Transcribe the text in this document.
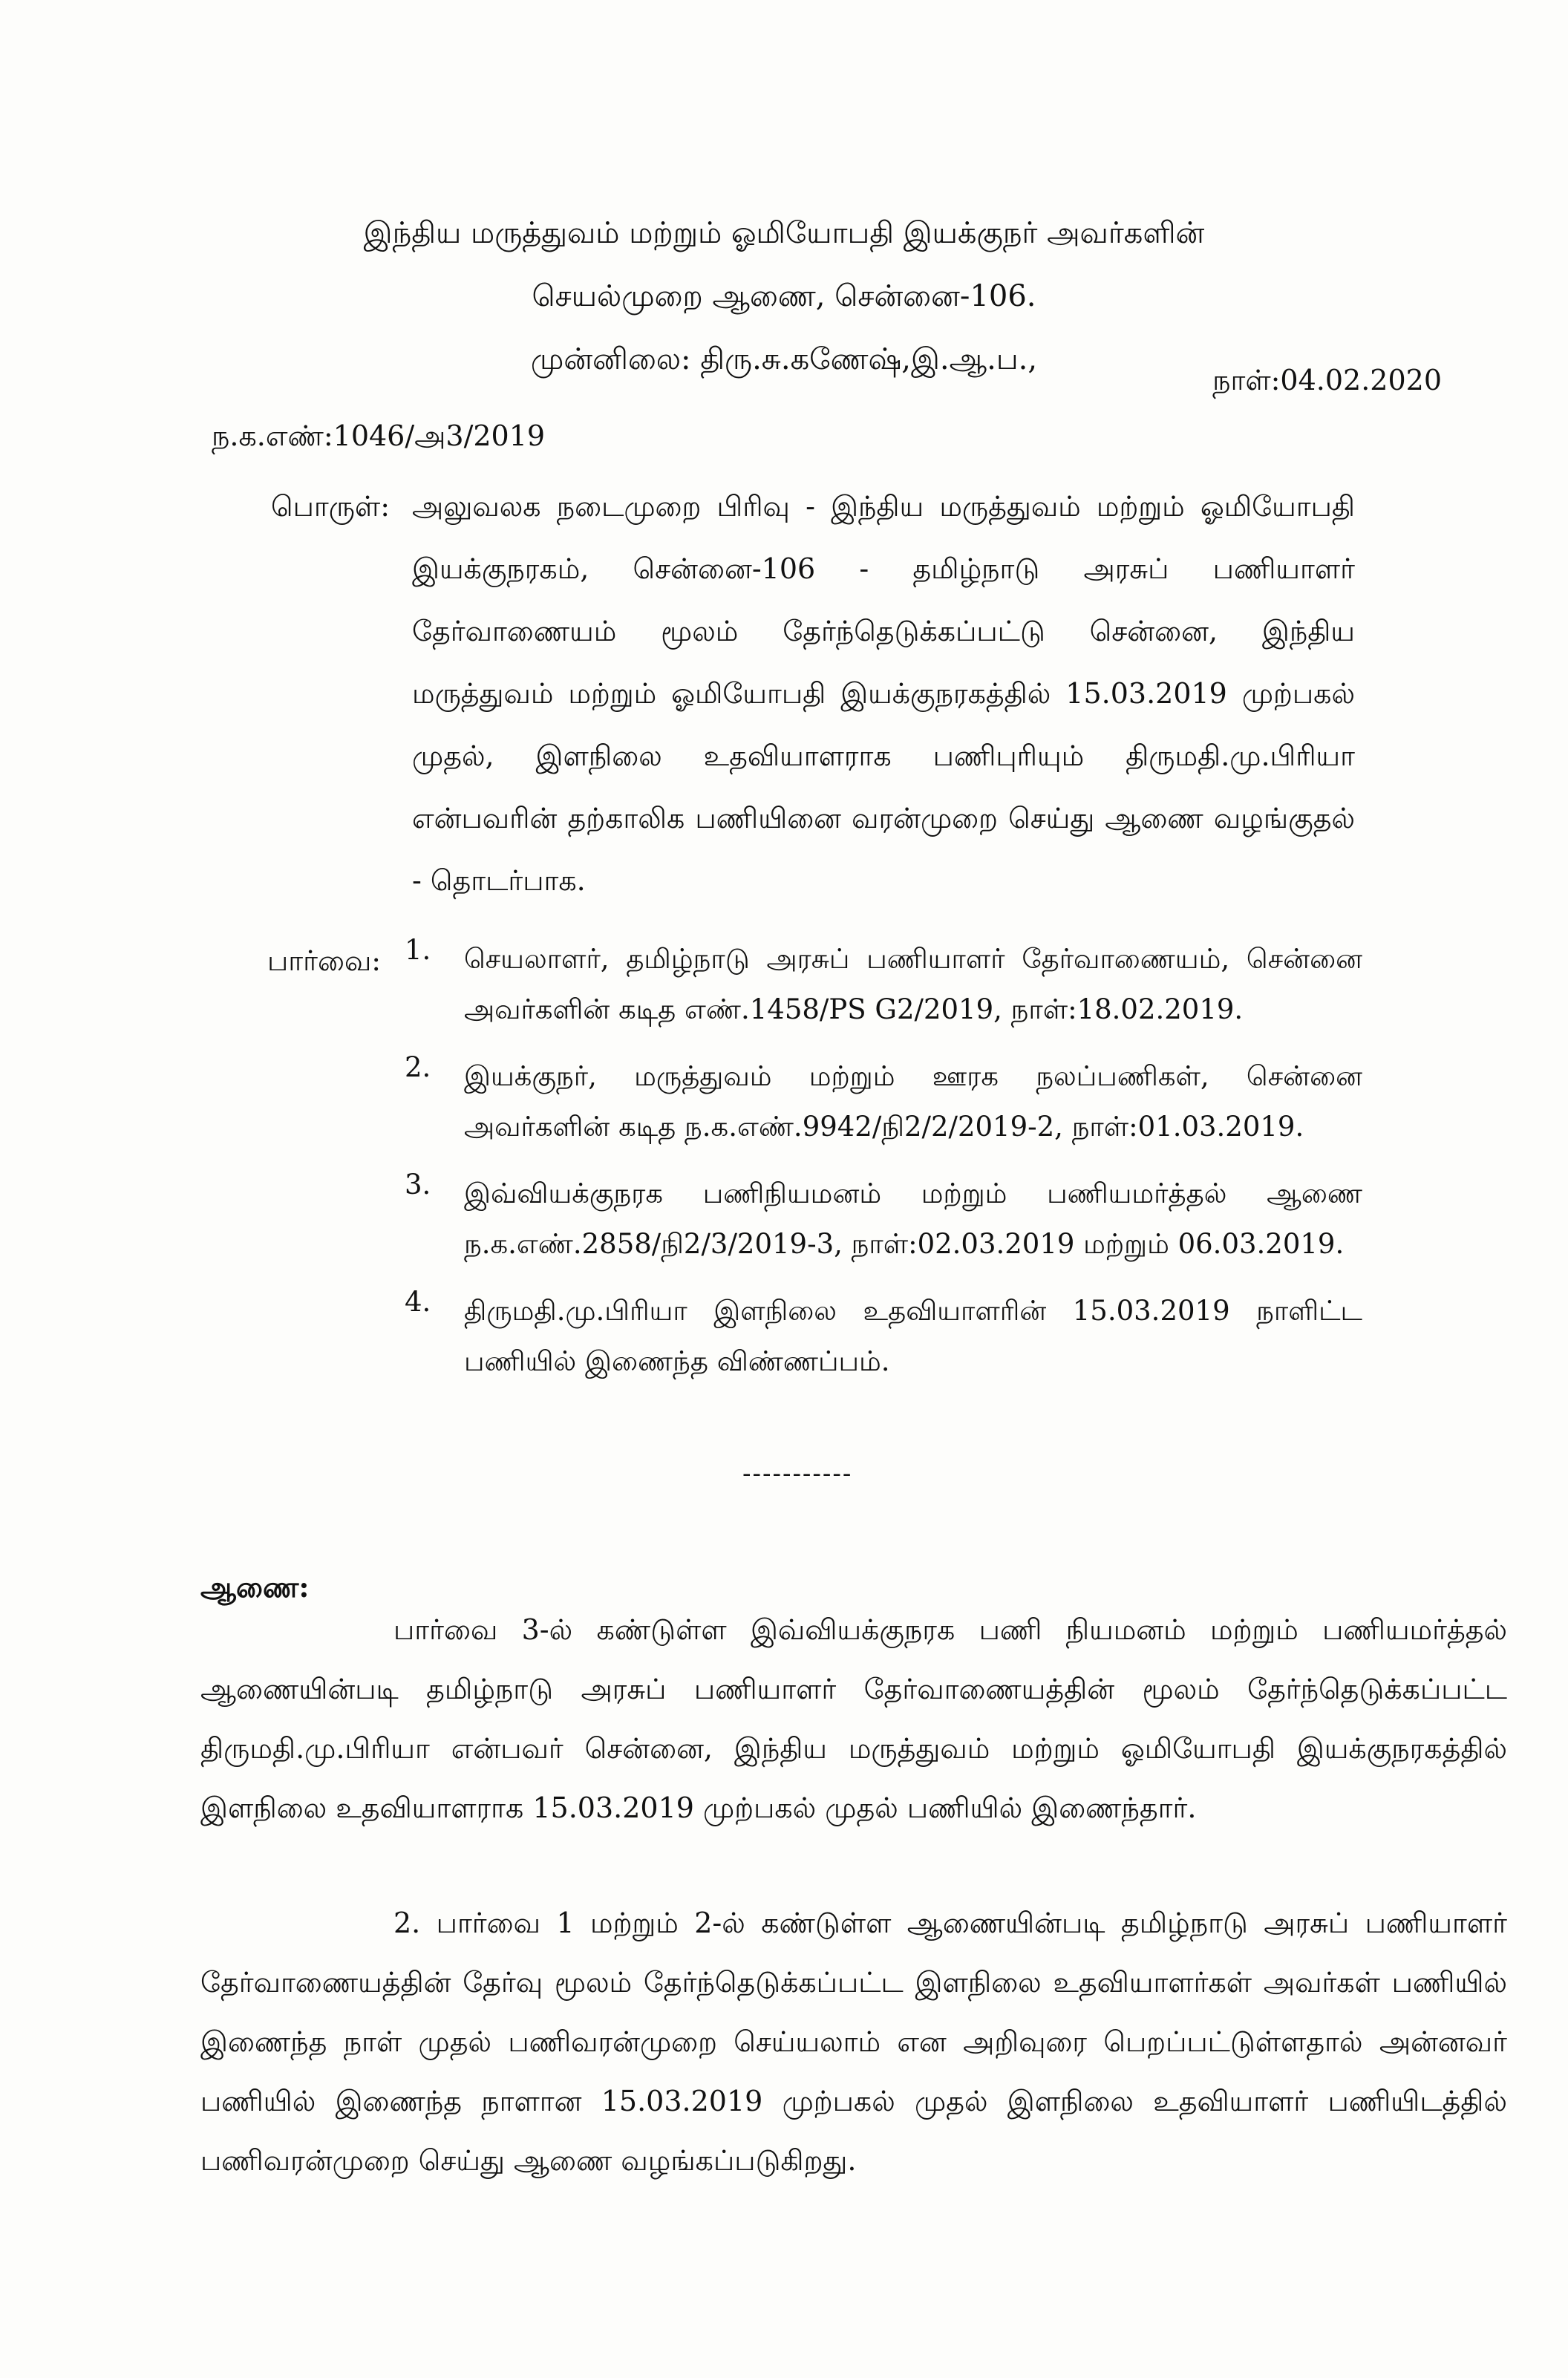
இந்திய மருத்துவம் மற்றும் ஓமியோபதி இயக்குநர் அவர்களின்
செயல்முறை ஆணை, சென்னை-106.
முன்னிலை: திரு.சு.கணேஷ்,இ.ஆ.ப.,
நாள்:04.02.2020
ந.க.எண்:1046/அ3/2019
பொருள்: அலுவலக நடைமுறை பிரிவு - இந்திய மருத்துவம் மற்றும் ஓமியோபதி இயக்குநரகம், சென்னை-106 - தமிழ்நாடு அரசுப் பணியாளர் தேர்வாணையம் மூலம் தேர்ந்தெடுக்கப்பட்டு சென்னை, இந்திய மருத்துவம் மற்றும் ஓமியோபதி இயக்குநரகத்தில் 15.03.2019 முற்பகல் முதல், இளநிலை உதவியாளராக பணிபுரியும் திருமதி.மு.பிரியா என்பவரின் தற்காலிக பணியினை வரன்முறை செய்து ஆணை வழங்குதல் - தொடர்பாக.
பார்வை: 1.	செயலாளர், தமிழ்நாடு அரசுப் பணியாளர் தேர்வாணையம், சென்னை அவர்களின் கடித எண்.1458/PS G2/2019, நாள்:18.02.2019.
2.	இயக்குநர், மருத்துவம் மற்றும் ஊரக நலப்பணிகள், சென்னை அவர்களின் கடித ந.க.எண்.9942/நி2/2/2019-2, நாள்:01.03.2019.
3.	இவ்வியக்குநரக பணிநியமனம் மற்றும் பணியமர்த்தல் ஆணை ந.க.எண்.2858/நி2/3/2019-3, நாள்:02.03.2019 மற்றும் 06.03.2019.
4.	திருமதி.மு.பிரியா இளநிலை உதவியாளரின் 15.03.2019 நாளிட்ட பணியில் இணைந்த விண்ணப்பம்.
-----------
ஆணை:
பார்வை 3-ல் கண்டுள்ள இவ்வியக்குநரக பணி நியமனம் மற்றும் பணியமர்த்தல் ஆணையின்படி தமிழ்நாடு அரசுப் பணியாளர் தேர்வாணையத்தின் மூலம் தேர்ந்தெடுக்கப்பட்ட திருமதி.மு.பிரியா என்பவர் சென்னை, இந்திய மருத்துவம் மற்றும் ஓமியோபதி இயக்குநரகத்தில் இளநிலை உதவியாளராக 15.03.2019 முற்பகல் முதல் பணியில் இணைந்தார்.
2. பார்வை 1 மற்றும் 2-ல் கண்டுள்ள ஆணையின்படி தமிழ்நாடு அரசுப் பணியாளர் தேர்வாணையத்தின் தேர்வு மூலம் தேர்ந்தெடுக்கப்பட்ட இளநிலை உதவியாளர்கள் அவர்கள் பணியில் இணைந்த நாள் முதல் பணிவரன்முறை செய்யலாம் என அறிவுரை பெறப்பட்டுள்ளதால் அன்னவர் பணியில் இணைந்த நாளான 15.03.2019 முற்பகல் முதல் இளநிலை உதவியாளர் பணியிடத்தில் பணிவரன்முறை செய்து ஆணை வழங்கப்படுகிறது.
